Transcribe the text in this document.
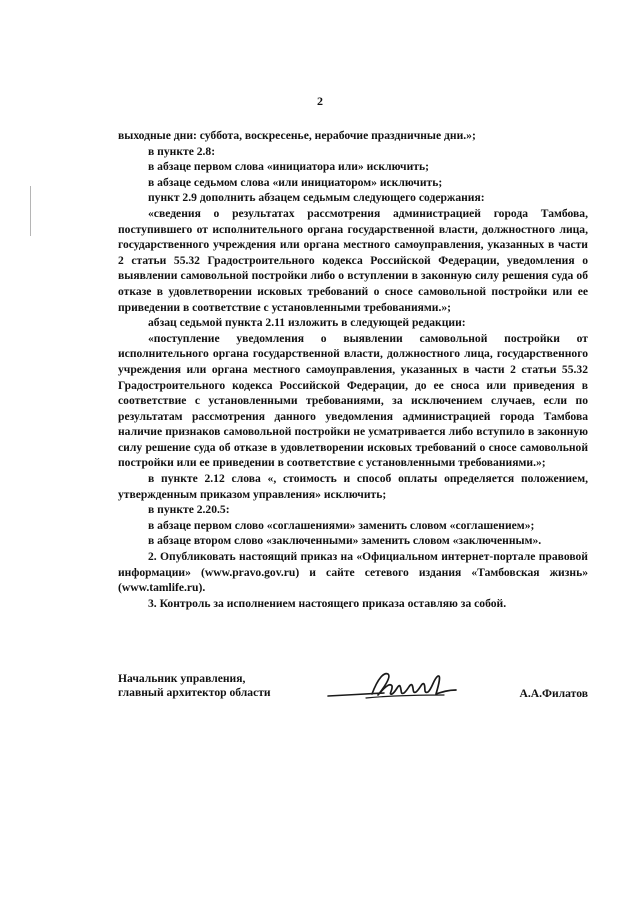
2

выходные дни: суббота, воскресенье, нерабочие праздничные дни.»;

в пункте 2.8:

в абзаце первом слова «инициатора или» исключить;

в абзаце седьмом слова «или инициатором» исключить;

пункт 2.9 дополнить абзацем седьмым следующего содержания:

«сведения о результатах рассмотрения администрацией города Тамбова, поступившего от исполнительного органа государственной власти, должностного лица, государственного учреждения или органа местного самоуправления, указанных в части 2 статьи 55.32 Градостроительного кодекса Российской Федерации, уведомления о выявлении самовольной постройки либо о вступлении в законную силу решения суда об отказе в удовлетворении исковых требований о сносе самовольной постройки или ее приведении в соответствие с установленными требованиями.»;

абзац седьмой пункта 2.11 изложить в следующей редакции:

«поступление уведомления о выявлении самовольной постройки от исполнительного органа государственной власти, должностного лица, государственного учреждения или органа местного самоуправления, указанных в части 2 статьи 55.32 Градостроительного кодекса Российской Федерации, до ее сноса или приведения в соответствие с установленными требованиями, за исключением случаев, если по результатам рассмотрения данного уведомления администрацией города Тамбова наличие признаков самовольной постройки не усматривается либо вступило в законную силу решение суда об отказе в удовлетворении исковых требований о сносе самовольной постройки или ее приведении в соответствие с установленными требованиями.»;

в пункте 2.12 слова «, стоимость и способ оплаты определяется положением, утвержденным приказом управления» исключить;

в пункте 2.20.5:

в абзаце первом слово «соглашениями» заменить словом «соглашением»;

в абзаце втором слово «заключенными» заменить словом «заключенным».

2. Опубликовать настоящий приказ на «Официальном интернет-портале правовой информации» (www.pravo.gov.ru) и сайте сетевого издания «Тамбовская жизнь» (www.tamlife.ru).

3. Контроль за исполнением настоящего приказа оставляю за собой.

Начальник управления,
главный архитектор области	А.А.Филатов
